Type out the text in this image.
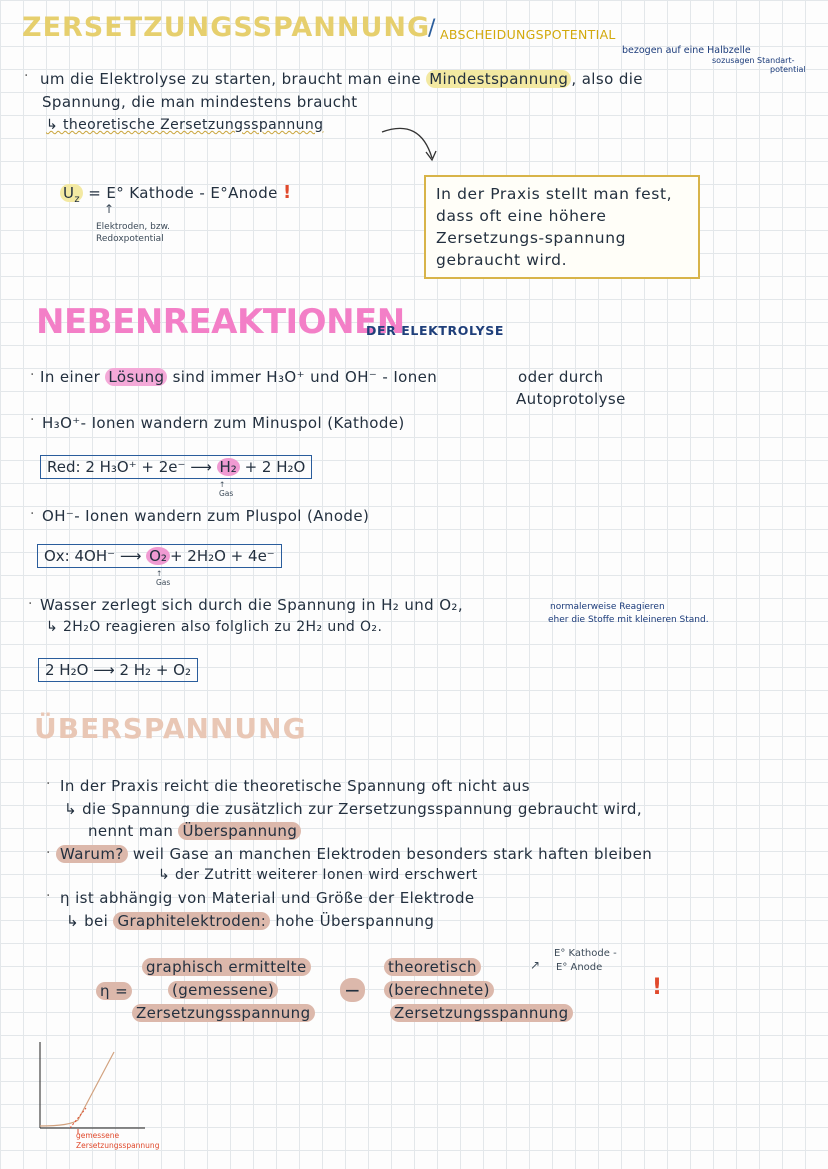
ZERSETZUNGSSPANNUNG
/ ABSCHEIDUNGSPOTENTIAL
bezogen auf eine Halbzelle
sozusagen Standart-
potential
· um die Elektrolyse zu starten, braucht man eine Mindestspannung , also die
Spannung, die man mindestens braucht
↳ theoretische Zersetzungsspannung
$U_z = E^\circ$ Kathode - E°Anode !
↑
Elektroden, bzw.
Redoxpotential
In der Praxis stellt man fest, dass oft eine höhere Zersetzungs-spannung gebraucht wird.
NEBENREAKTIONEN
DER ELEKTROLYSE
· In einer Lösung sind immer H₃O⁺ und OH⁻ - Ionen	oder durch
Autoprotolyse
· H₃O⁺- Ionen wandern zum Minuspol (Kathode)
Red: 2 H₃O⁺ + 2e⁻ ⟶ H₂ + 2 H₂O
↑
Gas
· OH⁻- Ionen wandern zum Pluspol (Anode)
Ox: 4OH⁻ ⟶ O₂ + 2H₂O + 4e⁻
↑
Gas
· Wasser zerlegt sich durch die Spannung in H₂ und O₂,	normalerweise Reagieren
eher die Stoffe mit kleineren Stand.
↳ 2H₂O reagieren also folglich zu 2H₂ und O₂.
2 H₂O ⟶ 2 H₂ + O₂
ÜBERSPANNUNG
· In der Praxis reicht die theoretische Spannung oft nicht aus
↳ die Spannung die zusätzlich zur Zersetzungsspannung gebraucht wird,
nennt man Überspannung
· Warum? weil Gase an manchen Elektroden besonders stark haften bleiben
↳ der Zutritt weiterer Ionen wird erschwert
· η ist abhängig von Material und Größe der Elektrode
↳ bei Graphitelektroden: hohe Überspannung
η =
graphisch ermittelte
(gemessene)
Zersetzungsspannung
−
theoretisch
(berechnete)
Zersetzungsspannung
↗
E° Kathode -
E° Anode
!
gemessene
Zersetzungsspannung
